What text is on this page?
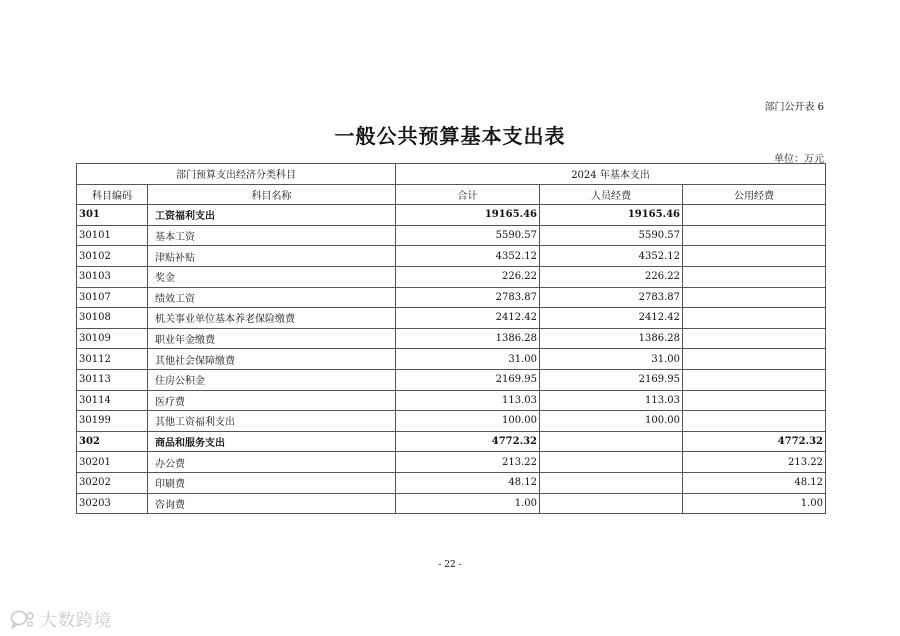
部门公开表 6
一般公共预算基本支出表
单位：万元
部门预算支出经济分类科目		2024 年基本支出		
科目编码	科目名称	合计	人员经费	公用经费
301	工资福利支出	19165.46	19165.46	
30101	基本工资	5590.57	5590.57	
30102	津贴补贴	4352.12	4352.12	
30103	奖金	226.22	226.22	
30107	绩效工资	2783.87	2783.87	
30108	机关事业单位基本养老保险缴费	2412.42	2412.42	
30109	职业年金缴费	1386.28	1386.28	
30112	其他社会保障缴费	31.00	31.00	
30113	住房公积金	2169.95	2169.95	
30114	医疗费	113.03	113.03	
30199	其他工资福利支出	100.00	100.00	
302	商品和服务支出	4772.32		4772.32
30201	办公费	213.22		213.22
30202	印刷费	48.12		48.12
30203	咨询费	1.00		1.00
- 22 -
大数跨境
